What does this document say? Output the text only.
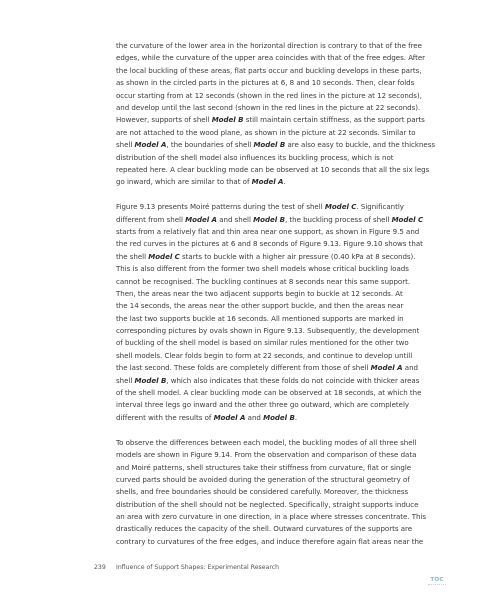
the curvature of the lower area in the horizontal direction is contrary to that of the free
edges, while the curvature of the upper area coincides with that of the free edges. After
the local buckling of these areas, flat parts occur and buckling develops in these parts,
as shown in the circled parts in the pictures at 6, 8 and 10 seconds. Then, clear folds
occur starting from at 12 seconds (shown in the red lines in the picture at 12 seconds),
and develop until the last second (shown in the red lines in the picture at 22 seconds).
However, supports of shell Model B still maintain certain stiffness, as the support parts
are not attached to the wood plane, as shown in the picture at 22 seconds. Similar to
shell Model A, the boundaries of shell Model B are also easy to buckle, and the thickness
distribution of the shell model also influences its buckling process, which is not
repeated here. A clear buckling mode can be observed at 10 seconds that all the six legs
go inward, which are similar to that of Model A.

Figure 9.13 presents Moiré patterns during the test of shell Model C. Significantly
different from shell Model A and shell Model B, the buckling process of shell Model C
starts from a relatively flat and thin area near one support, as shown in Figure 9.5 and
the red curves in the pictures at 6 and 8 seconds of Figure 9.13. Figure 9.10 shows that
the shell Model C starts to buckle with a higher air pressure (0.40 kPa at 8 seconds).
This is also different from the former two shell models whose critical buckling loads
cannot be recognised. The buckling continues at 8 seconds near this same support.
Then, the areas near the two adjacent supports begin to buckle at 12 seconds. At
the 14 seconds, the areas near the other support buckle, and then the areas near
the last two supports buckle at 16 seconds. All mentioned supports are marked in
corresponding pictures by ovals shown in Figure 9.13. Subsequently, the development
of buckling of the shell model is based on similar rules mentioned for the other two
shell models. Clear folds begin to form at 22 seconds, and continue to develop untill
the last second. These folds are completely different from those of shell Model A and
shell Model B, which also indicates that these folds do not coincide with thicker areas
of the shell model. A clear buckling mode can be observed at 18 seconds, at which the
interval three legs go inward and the other three go outward, which are completely
different with the results of Model A and Model B.

To observe the differences between each model, the buckling modes of all three shell
models are shown in Figure 9.14. From the observation and comparison of these data
and Moiré patterns, shell structures take their stiffness from curvature, flat or single
curved parts should be avoided during the generation of the structural geometry of
shells, and free boundaries should be considered carefully. Moreover, the thickness
distribution of the shell should not be neglected. Specifically, straight supports induce
an area with zero curvature in one direction, in a place where stresses concentrate. This
drastically reduces the capacity of the shell. Outward curvatures of the supports are
contrary to curvatures of the free edges, and induce therefore again flat areas near the

239 Influence of Support Shapes: Experimental Research
TOC
